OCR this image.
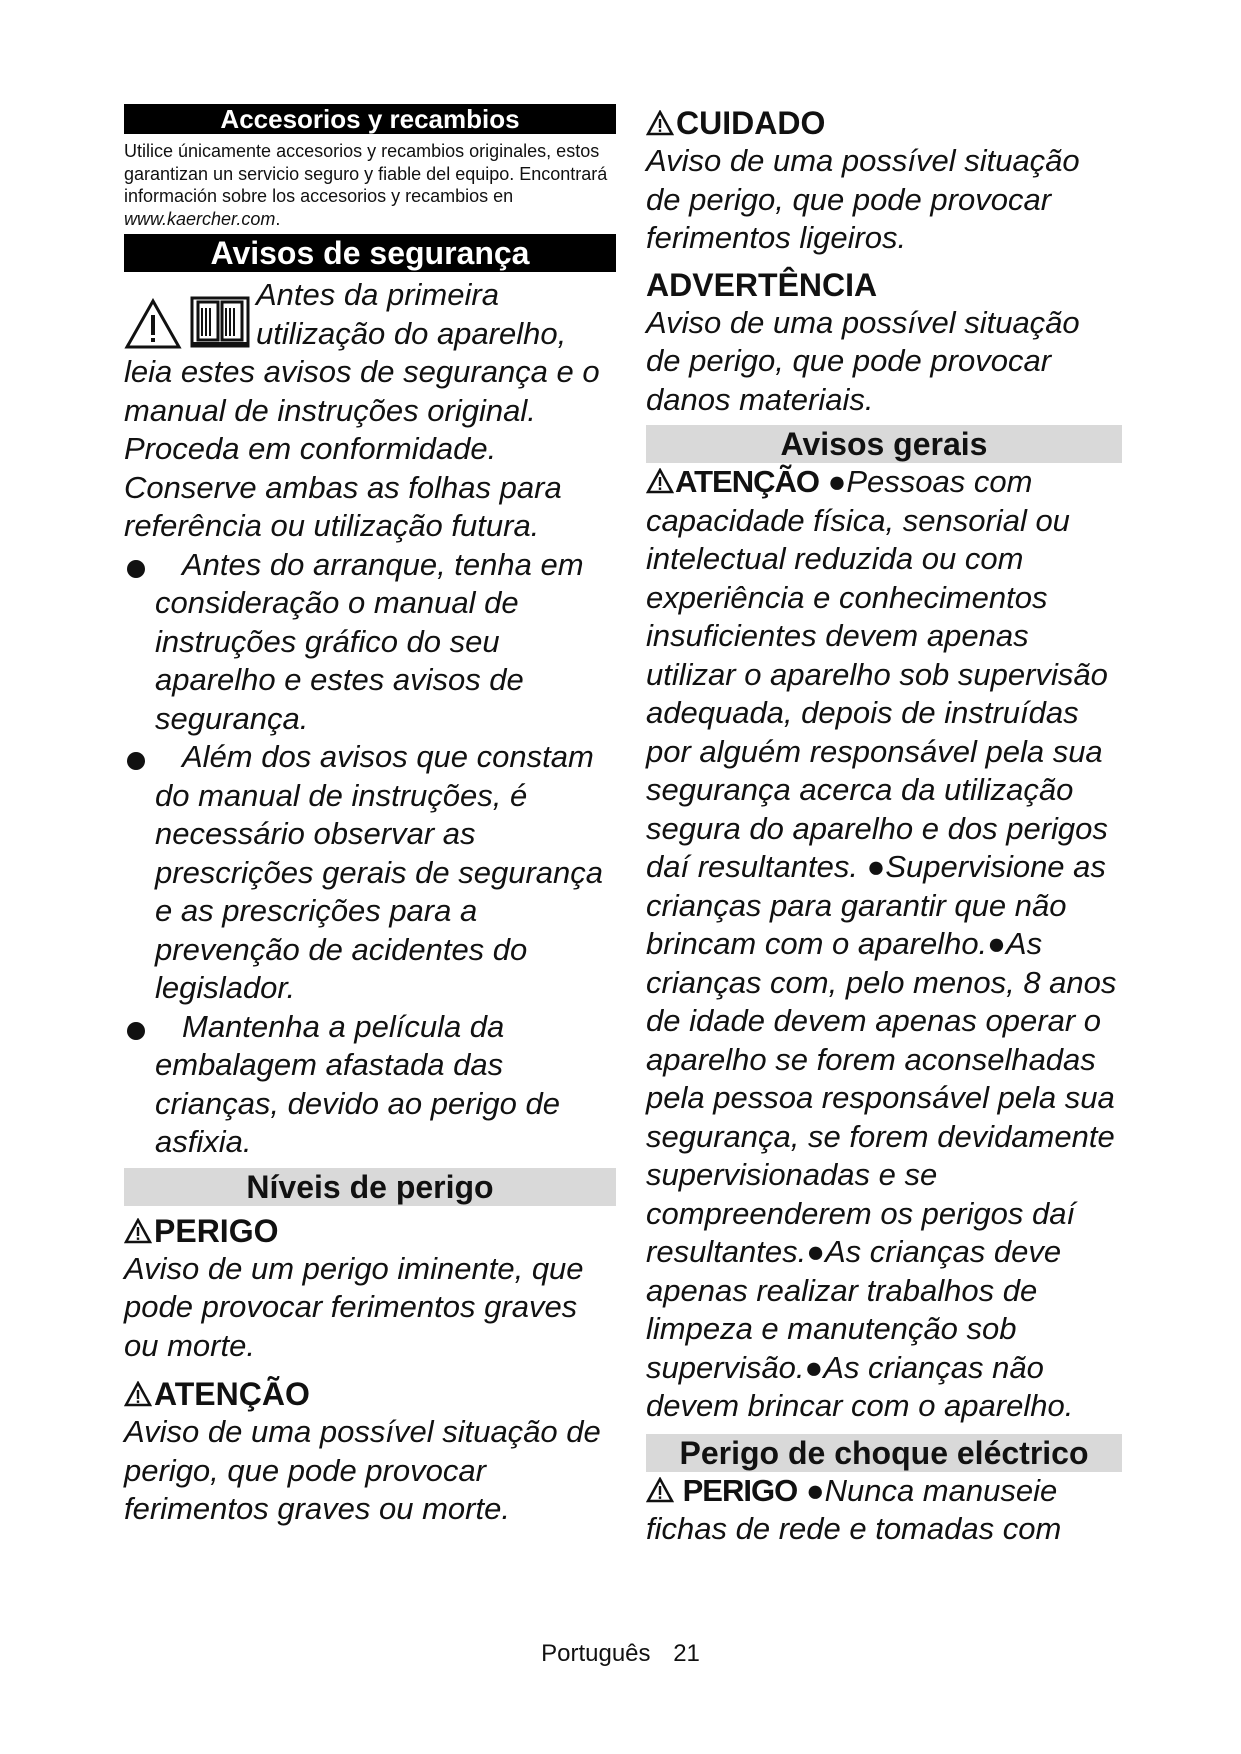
Accesorios y recambios

Utilice únicamente accesorios y recambios originales, estos garantizan un servicio seguro y fiable del equipo. Encontrará información sobre los accesorios y recambios en www.kaercher.com.

Avisos de segurança
Antes da primeira utilização do aparelho, leia estes avisos de segurança e o manual de instruções original. Proceda em conformidade.

Conserve ambas as folhas para referência ou utilização futura.

Antes do arranque, tenha em consideração o manual de instruções gráfico do seu aparelho e estes avisos de segurança.
Além dos avisos que constam do manual de instruções, é necessário observar as prescrições gerais de segurança e as prescrições para a prevenção de acidentes do legislador.
Mantenha a película da embalagem afastada das crianças, devido ao perigo de asfixia.
Níveis de perigo
PERIGO

Aviso de um perigo iminente, que pode provocar ferimentos graves ou morte.

ATENÇÃO

Aviso de uma possível situação de perigo, que pode provocar ferimentos graves ou morte.

CUIDADO

Aviso de uma possível situação de perigo, que pode provocar ferimentos ligeiros.

ADVERTÊNCIA

Aviso de uma possível situação de perigo, que pode provocar danos materiais.

Avisos gerais

ATENÇÃO ●Pessoas com capacidade física, sensorial ou intelectual reduzida ou com experiência e conhecimentos insuficientes devem apenas utilizar o aparelho sob supervisão adequada, depois de instruídas por alguém responsável pela sua segurança acerca da utilização segura do aparelho e dos perigos daí resultantes. ●Supervisione as crianças para garantir que não brincam com o aparelho.●As crianças com, pelo menos, 8 anos de idade devem apenas operar o aparelho se forem aconselhadas pela pessoa responsável pela sua segurança, se forem devidamente supervisionadas e se compreenderem os perigos daí resultantes.●As crianças deve apenas realizar trabalhos de limpeza e manutenção sob supervisão.●As crianças não devem brincar com o aparelho.

Perigo de choque eléctrico

PERIGO ●Nunca manuseie fichas de rede e tomadas com

Português 21
